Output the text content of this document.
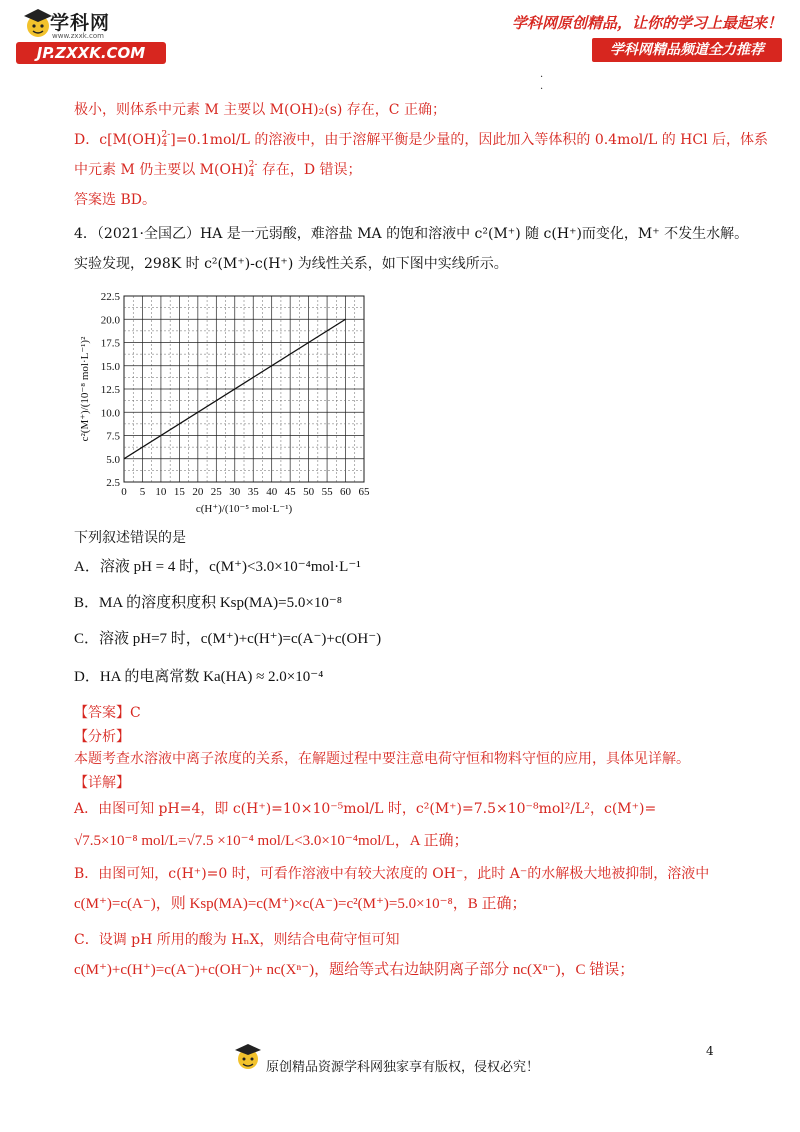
学科网
www.zxxk.com
JP.ZXXK.COM
学科网原创精品，让你的学习上最起来！
学科网精品频道全力推荐
·
·
极小，则体系中元素 M 主要以 M(OH)₂(s) 存在，C 正确；
D．c[M(OH)2-
4 ]=0.1mol/L 的溶液中，由于溶解平衡是少量的，因此加入等体积的 0.4mol/L 的 HCl 后，体系
中元素 M 仍主要以 M(OH)2-
4 存在，D 错误；
答案选 BD。
4．（2021·全国乙）HA 是一元弱酸，难溶盐 MA 的饱和溶液中 c²(M⁺) 随 c(H⁺)而变化，M⁺ 不发生水解。
实验发现，298K 时 c²(M⁺)-c(H⁺) 为线性关系，如下图中实线所示。
0 5 10 15 20 25 30 35 40 45 50 55 60 65
2.5
5.0
7.5
10.0
12.5
15.0
17.5
20.0
22.5
c(H⁺)/(10⁻⁵ mol·L⁻¹)
c²(M⁺)/(10⁻⁸ mol·L⁻¹)²
下列叙述错误的是
A．溶液 pH = 4 时，c(M⁺)<3.0×10⁻⁴mol·L⁻¹
B．MA 的溶度积度积 Ksp(MA)=5.0×10⁻⁸
C．溶液 pH=7 时，c(M⁺)+c(H⁺)=c(A⁻)+c(OH⁻)
D．HA 的电离常数 Ka(HA) ≈ 2.0×10⁻⁴
【答案】C
【分析】
本题考查水溶液中离子浓度的关系，在解题过程中要注意电荷守恒和物料守恒的应用，具体见详解。
【详解】
A．由图可知 pH=4，即 c(H⁺)=10×10⁻⁵mol/L 时，c²(M⁺)=7.5×10⁻⁸mol²/L²，c(M⁺)=
√7.5×10⁻⁸ mol/L=√7.5 ×10⁻⁴ mol/L<3.0×10⁻⁴mol/L，A 正确；
B．由图可知，c(H⁺)=0 时，可看作溶液中有较大浓度的 OH⁻，此时 A⁻的水解极大地被抑制，溶液中
c(M⁺)=c(A⁻)，则 Ksp(MA)=c(M⁺)×c(A⁻)=c²(M⁺)=5.0×10⁻⁸，B 正确；
C．设调 pH 所用的酸为 HₙX，则结合电荷守恒可知
c(M⁺)+c(H⁺)=c(A⁻)+c(OH⁻)+ nc(Xⁿ⁻)，题给等式右边缺阴离子部分 nc(Xⁿ⁻)，C 错误；
4
原创精品资源学科网独家享有版权，侵权必究！
